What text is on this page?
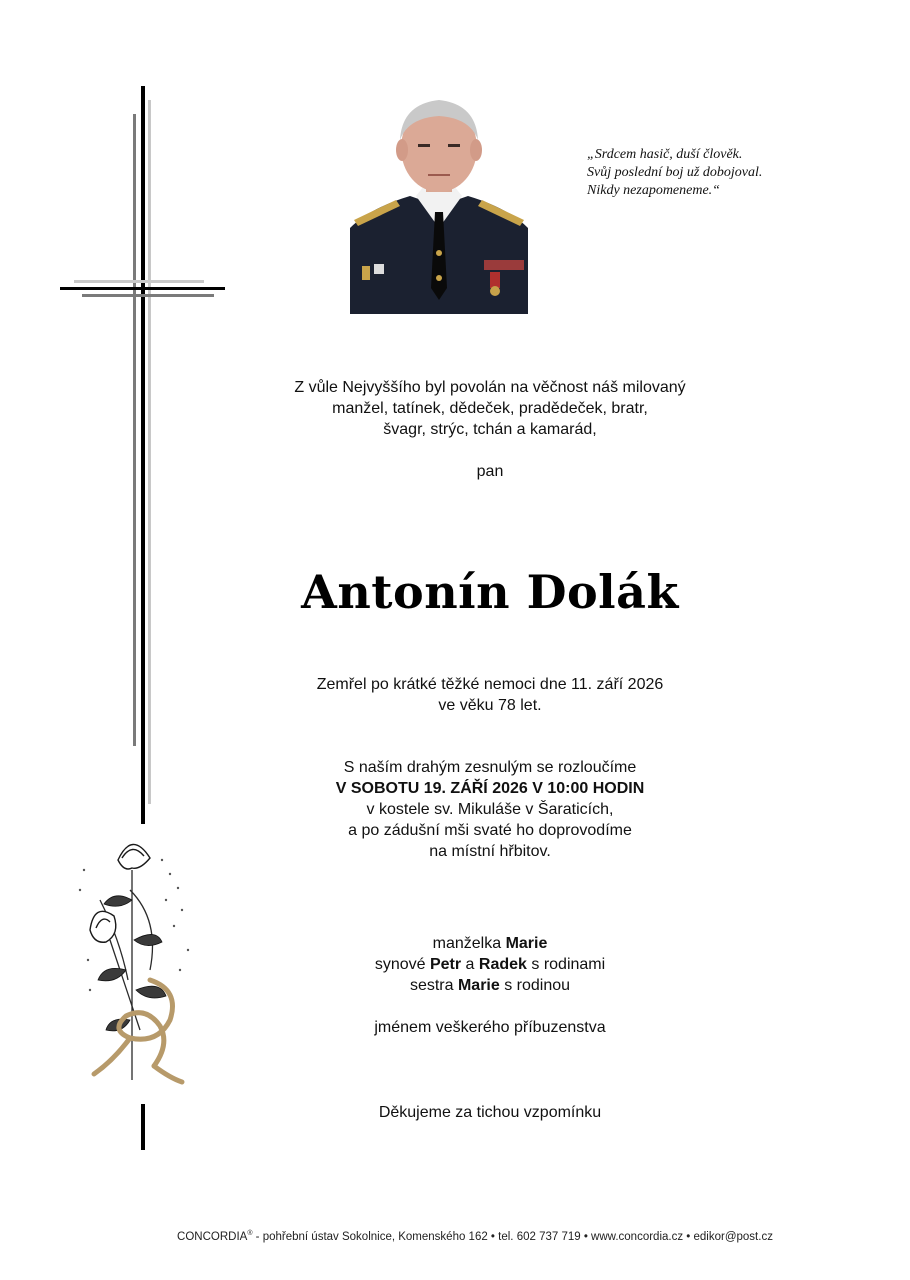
„Srdcem hasič, duší člověk.
Svůj poslední boj už dobojoval.
Nikdy nezapomeneme.“
Z vůle Nejvyššího byl povolán na věčnost náš milovaný
manžel, tatínek, dědeček, pradědeček, bratr,
švagr, strýc, tchán a kamarád,
pan
Antonín Dolák
Zemřel po krátké těžké nemoci dne 11. září 2026
ve věku 78 let.
S naším drahým zesnulým se rozloučíme
V SOBOTU 19. ZÁŘÍ 2026 V 10:00 HODIN
v kostele sv. Mikuláše v Šaraticích,
a po zádušní mši svaté ho doprovodíme
na místní hřbitov.
manželka Marie
synové Petr a Radek s rodinami
sestra Marie s rodinou
jménem veškerého příbuzenstva
Děkujeme za tichou vzpomínku
CONCORDIA® - pohřební ústav Sokolnice, Komenského 162 • tel. 602 737 719 • www.concordia.cz • edikor@post.cz
